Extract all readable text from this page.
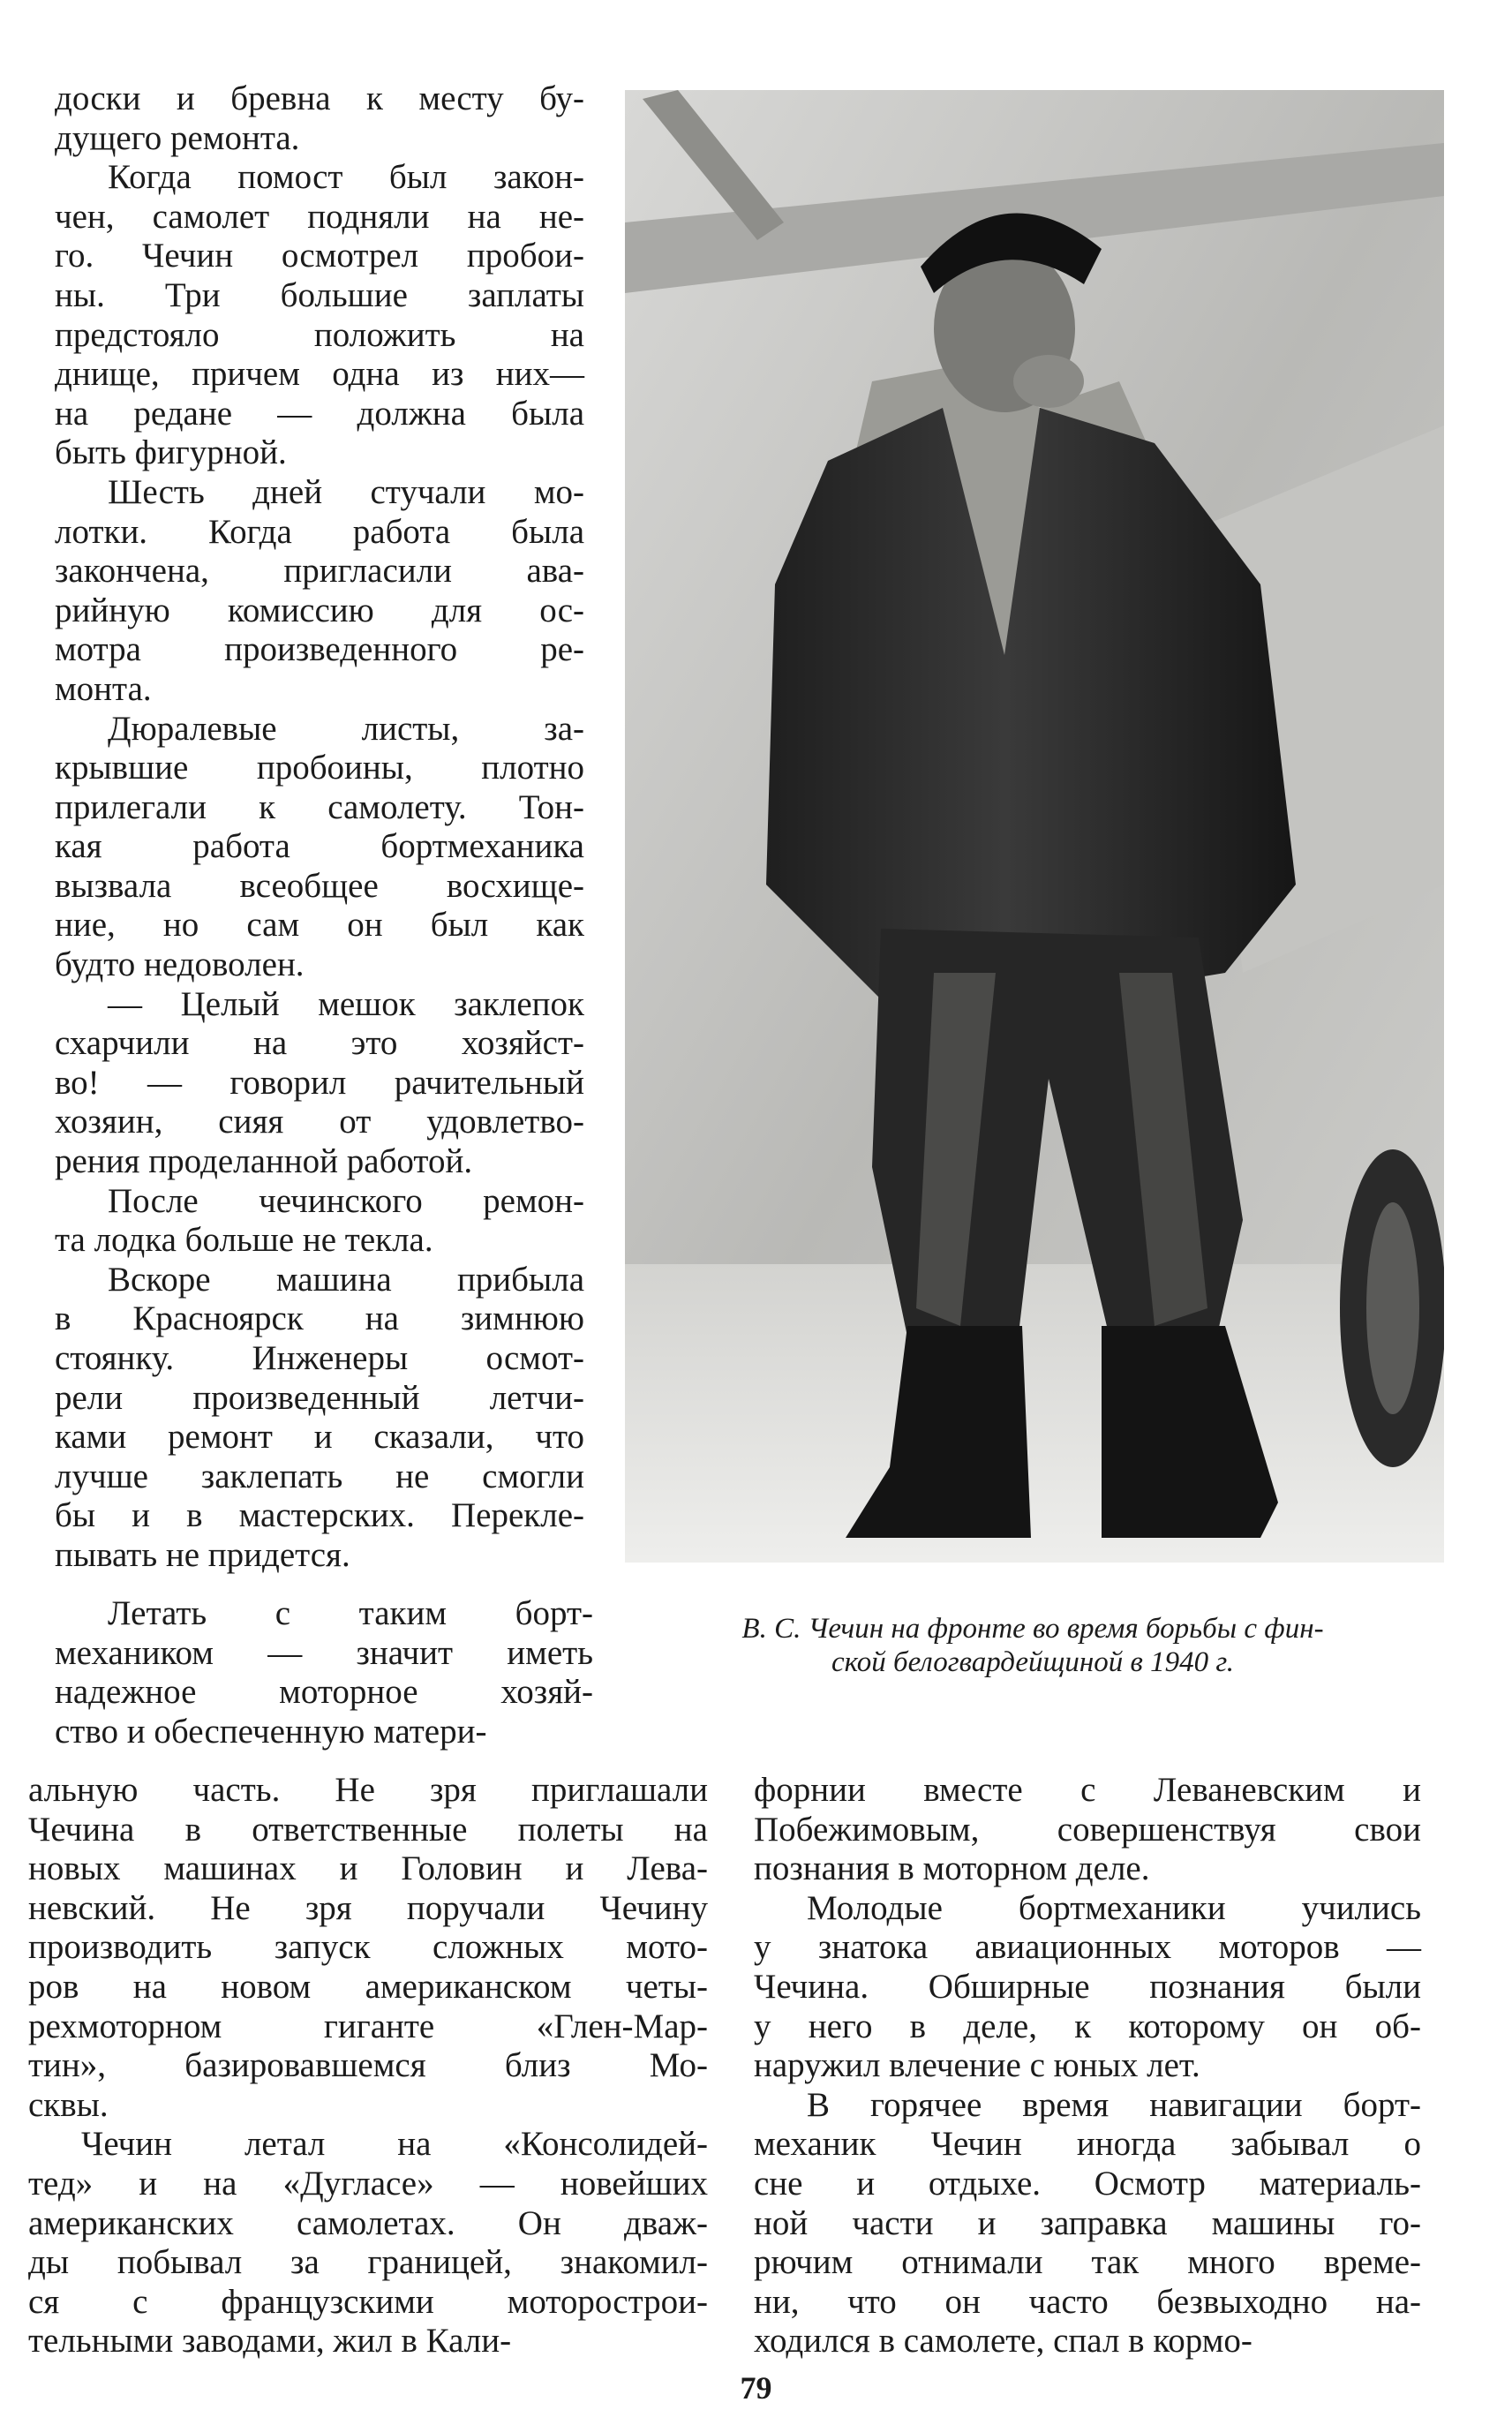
доски и бревна к месту бу-
дущего ремонта.

Когда помост был закон-
чен, самолет подняли на не-
го. Чечин осмотрел пробои-
ны. Три большие заплаты
предстояло положить на
днище, причем одна из них—
на редане — должна была
быть фигурной.

Шесть дней стучали мо-
лотки. Когда работа была
закончена, пригласили ава-
рийную комиссию для ос-
мотра произведенного ре-
монта.

Дюралевые листы, за-
крывшие пробоины, плотно
прилегали к самолету. Тон-
кая работа бортмеханика
вызвала всеобщее восхище-
ние, но сам он был как
будто недоволен.

— Целый мешок заклепок
схарчили на это хозяйст-
во! — говорил рачительный
хозяин, сияя от удовлетво-
рения проделанной работой.

После чечинского ремон-
та лодка больше не текла.

Вскоре машина прибыла
в Красноярск на зимнюю
стоянку. Инженеры осмот-
рели произведенный летчи-
ками ремонт и сказали, что
лучше заклепать не смогли
бы и в мастерских. Перекле-
пывать не придется.

В. С. Чечин на фронте во время борьбы с фин-
ской белогвардейщиной в 1940 г.

Летать с таким борт-
механиком — значит иметь
надежное моторное хозяй-
ство и обеспеченную матери-

альную часть. Не зря приглашали
Чечина в ответственные полеты на
новых машинах и Головин и Лева-
невский. Не зря поручали Чечину
производить запуск сложных мото-
ров на новом американском четы-
рехмоторном гиганте «Глен-Мар-
тин», базировавшемся близ Мо-
сквы.

Чечин летал на «Консолидей-
тед» и на «Дугласе» — новейших
американских самолетах. Он дваж-
ды побывал за границей, знакомил-
ся с французскими моторострои-
тельными заводами, жил в Кали-

форнии вместе с Леваневским и
Побежимовым, совершенствуя свои
познания в моторном деле.

Молодые бортмеханики учились
у знатока авиационных моторов —
Чечина. Обширные познания были
у него в деле, к которому он об-
наружил влечение с юных лет.

В горячее время навигации борт-
механик Чечин иногда забывал о
сне и отдыхе. Осмотр материаль-
ной части и заправка машины го-
рючим отнимали так много време-
ни, что он часто безвыходно на-
ходился в самолете, спал в кормо-

79
